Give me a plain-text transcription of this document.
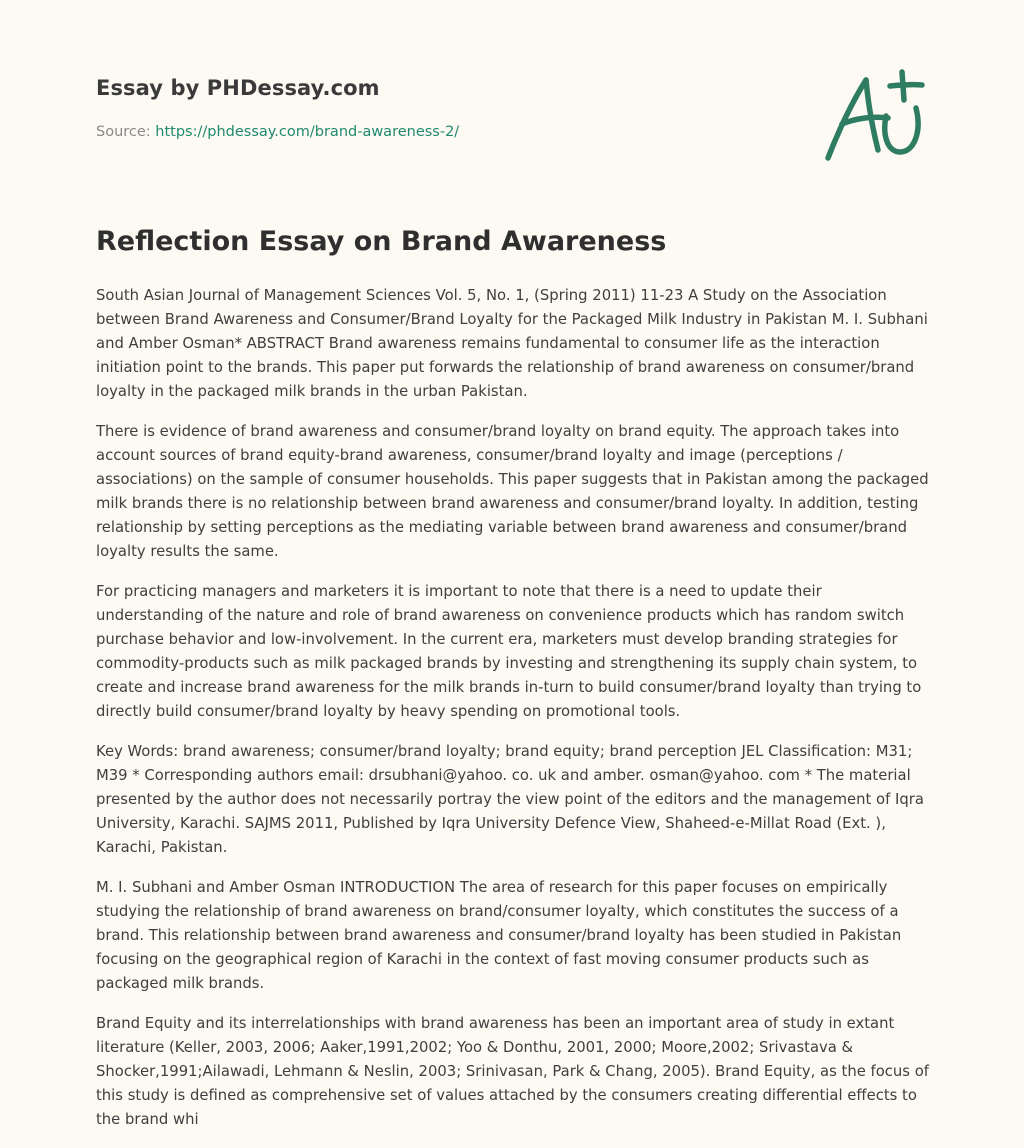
Essay by PHDessay.com
Source: https://phdessay.com/brand-awareness-2/
Reflection Essay on Brand Awareness

South Asian Journal of Management Sciences Vol. 5, No. 1, (Spring 2011) 11-23 A Study on the Association between Brand Awareness and Consumer/Brand Loyalty for the Packaged Milk Industry in Pakistan M. I. Subhani and Amber Osman* ABSTRACT Brand awareness remains fundamental to consumer life as the interaction initiation point to the brands. This paper put forwards the relationship of brand awareness on consumer/brand loyalty in the packaged milk brands in the urban Pakistan.

There is evidence of brand awareness and consumer/brand loyalty on brand equity. The approach takes into account sources of brand equity-brand awareness, consumer/brand loyalty and image (perceptions / associations) on the sample of consumer households. This paper suggests that in Pakistan among the packaged milk brands there is no relationship between brand awareness and consumer/brand loyalty. In addition, testing relationship by setting perceptions as the mediating variable between brand awareness and consumer/brand loyalty results the same.

For practicing managers and marketers it is important to note that there is a need to update their understanding of the nature and role of brand awareness on convenience products which has random switch purchase behavior and low-involvement. In the current era, marketers must develop branding strategies for commodity-products such as milk packaged brands by investing and strengthening its supply chain system, to create and increase brand awareness for the milk brands in-turn to build consumer/brand loyalty than trying to directly build consumer/brand loyalty by heavy spending on promotional tools.

Key Words: brand awareness; consumer/brand loyalty; brand equity; brand perception JEL Classification: M31; M39 * Corresponding authors email: drsubhani@yahoo. co. uk and amber. osman@yahoo. com * The material presented by the author does not necessarily portray the view point of the editors and the management of Iqra University, Karachi. SAJMS 2011, Published by Iqra University Defence View, Shaheed-e-Millat Road (Ext. ), Karachi, Pakistan.

M. I. Subhani and Amber Osman INTRODUCTION The area of research for this paper focuses on empirically studying the relationship of brand awareness on brand/consumer loyalty, which constitutes the success of a brand. This relationship between brand awareness and consumer/brand loyalty has been studied in Pakistan focusing on the geographical region of Karachi in the context of fast moving consumer products such as packaged milk brands.

Brand Equity and its interrelationships with brand awareness has been an important area of study in extant literature (Keller, 2003, 2006; Aaker,1991,2002; Yoo & Donthu, 2001, 2000; Moore,2002; Srivastava & Shocker,1991;Ailawadi, Lehmann & Neslin, 2003; Srinivasan, Park & Chang, 2005). Brand Equity, as the focus of this study is defined as comprehensive set of values attached by the consumers creating differential effects to the brand whi
